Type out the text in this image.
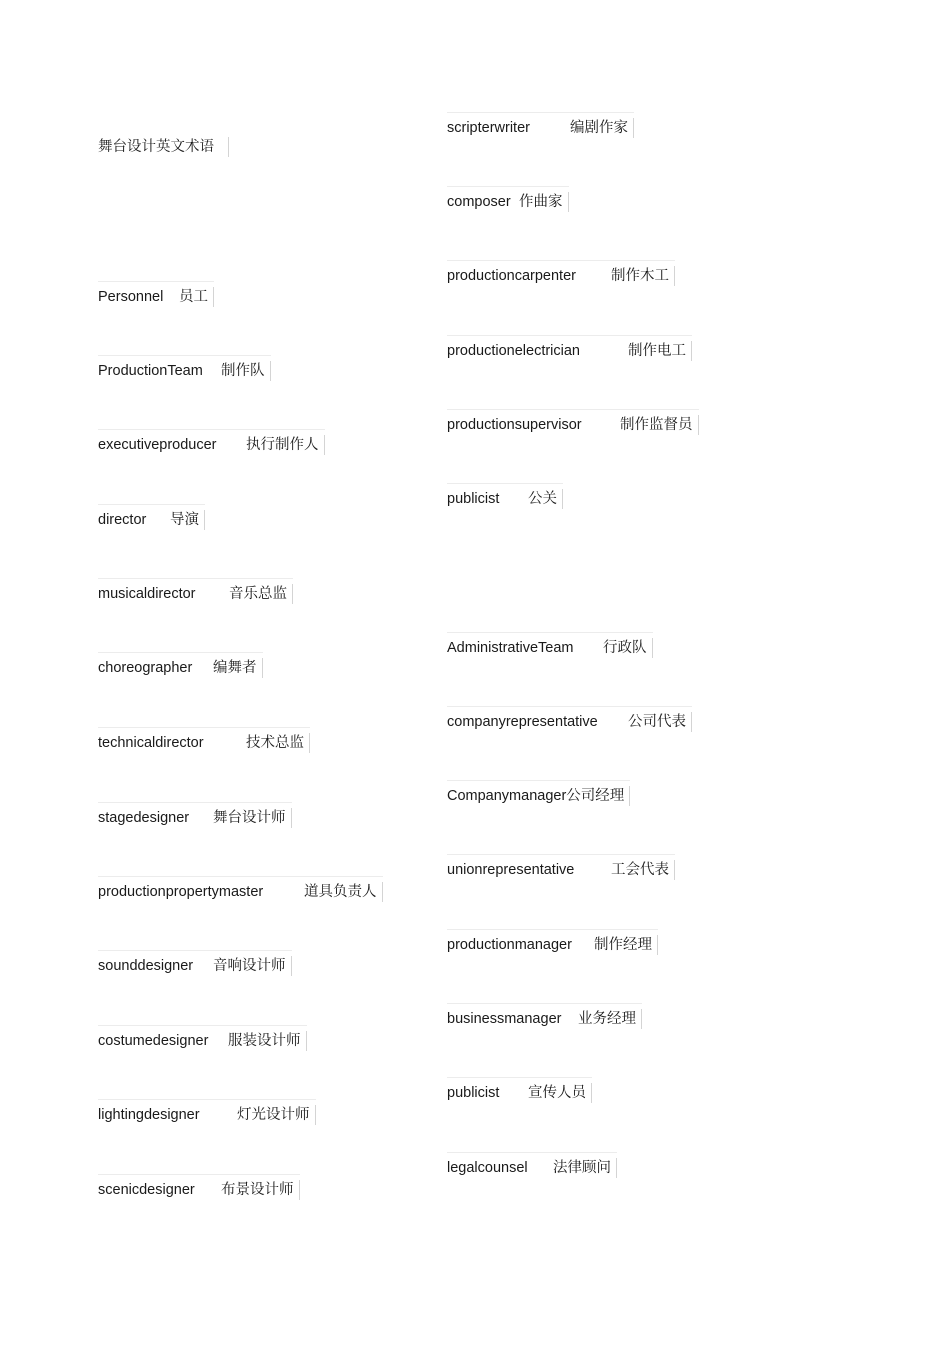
舞台设计英文术语
Personnel	员工
ProductionTeam	制作队
executiveproducer	执行制作人
director	导演
musicaldirector	音乐总监
choreographer	编舞者
technicaldirector	技术总监
stagedesigner	舞台设计师
productionpropertymaster	道具负责人
sounddesigner	音响设计师
costumedesigner	服装设计师
lightingdesigner	灯光设计师
scenicdesigner	布景设计师
scripterwriter	编剧作家
composer 作曲家
productioncarpenter	制作木工
productionelectrician	制作电工
productionsupervisor	制作监督员
publicist	公关
AdministrativeTeam	行政队
companyrepresentative	公司代表
Companymanager 公司经理
unionrepresentative	工会代表
productionmanager	制作经理
businessmanager	业务经理
publicist	宣传人员
legalcounsel	法律顾问
